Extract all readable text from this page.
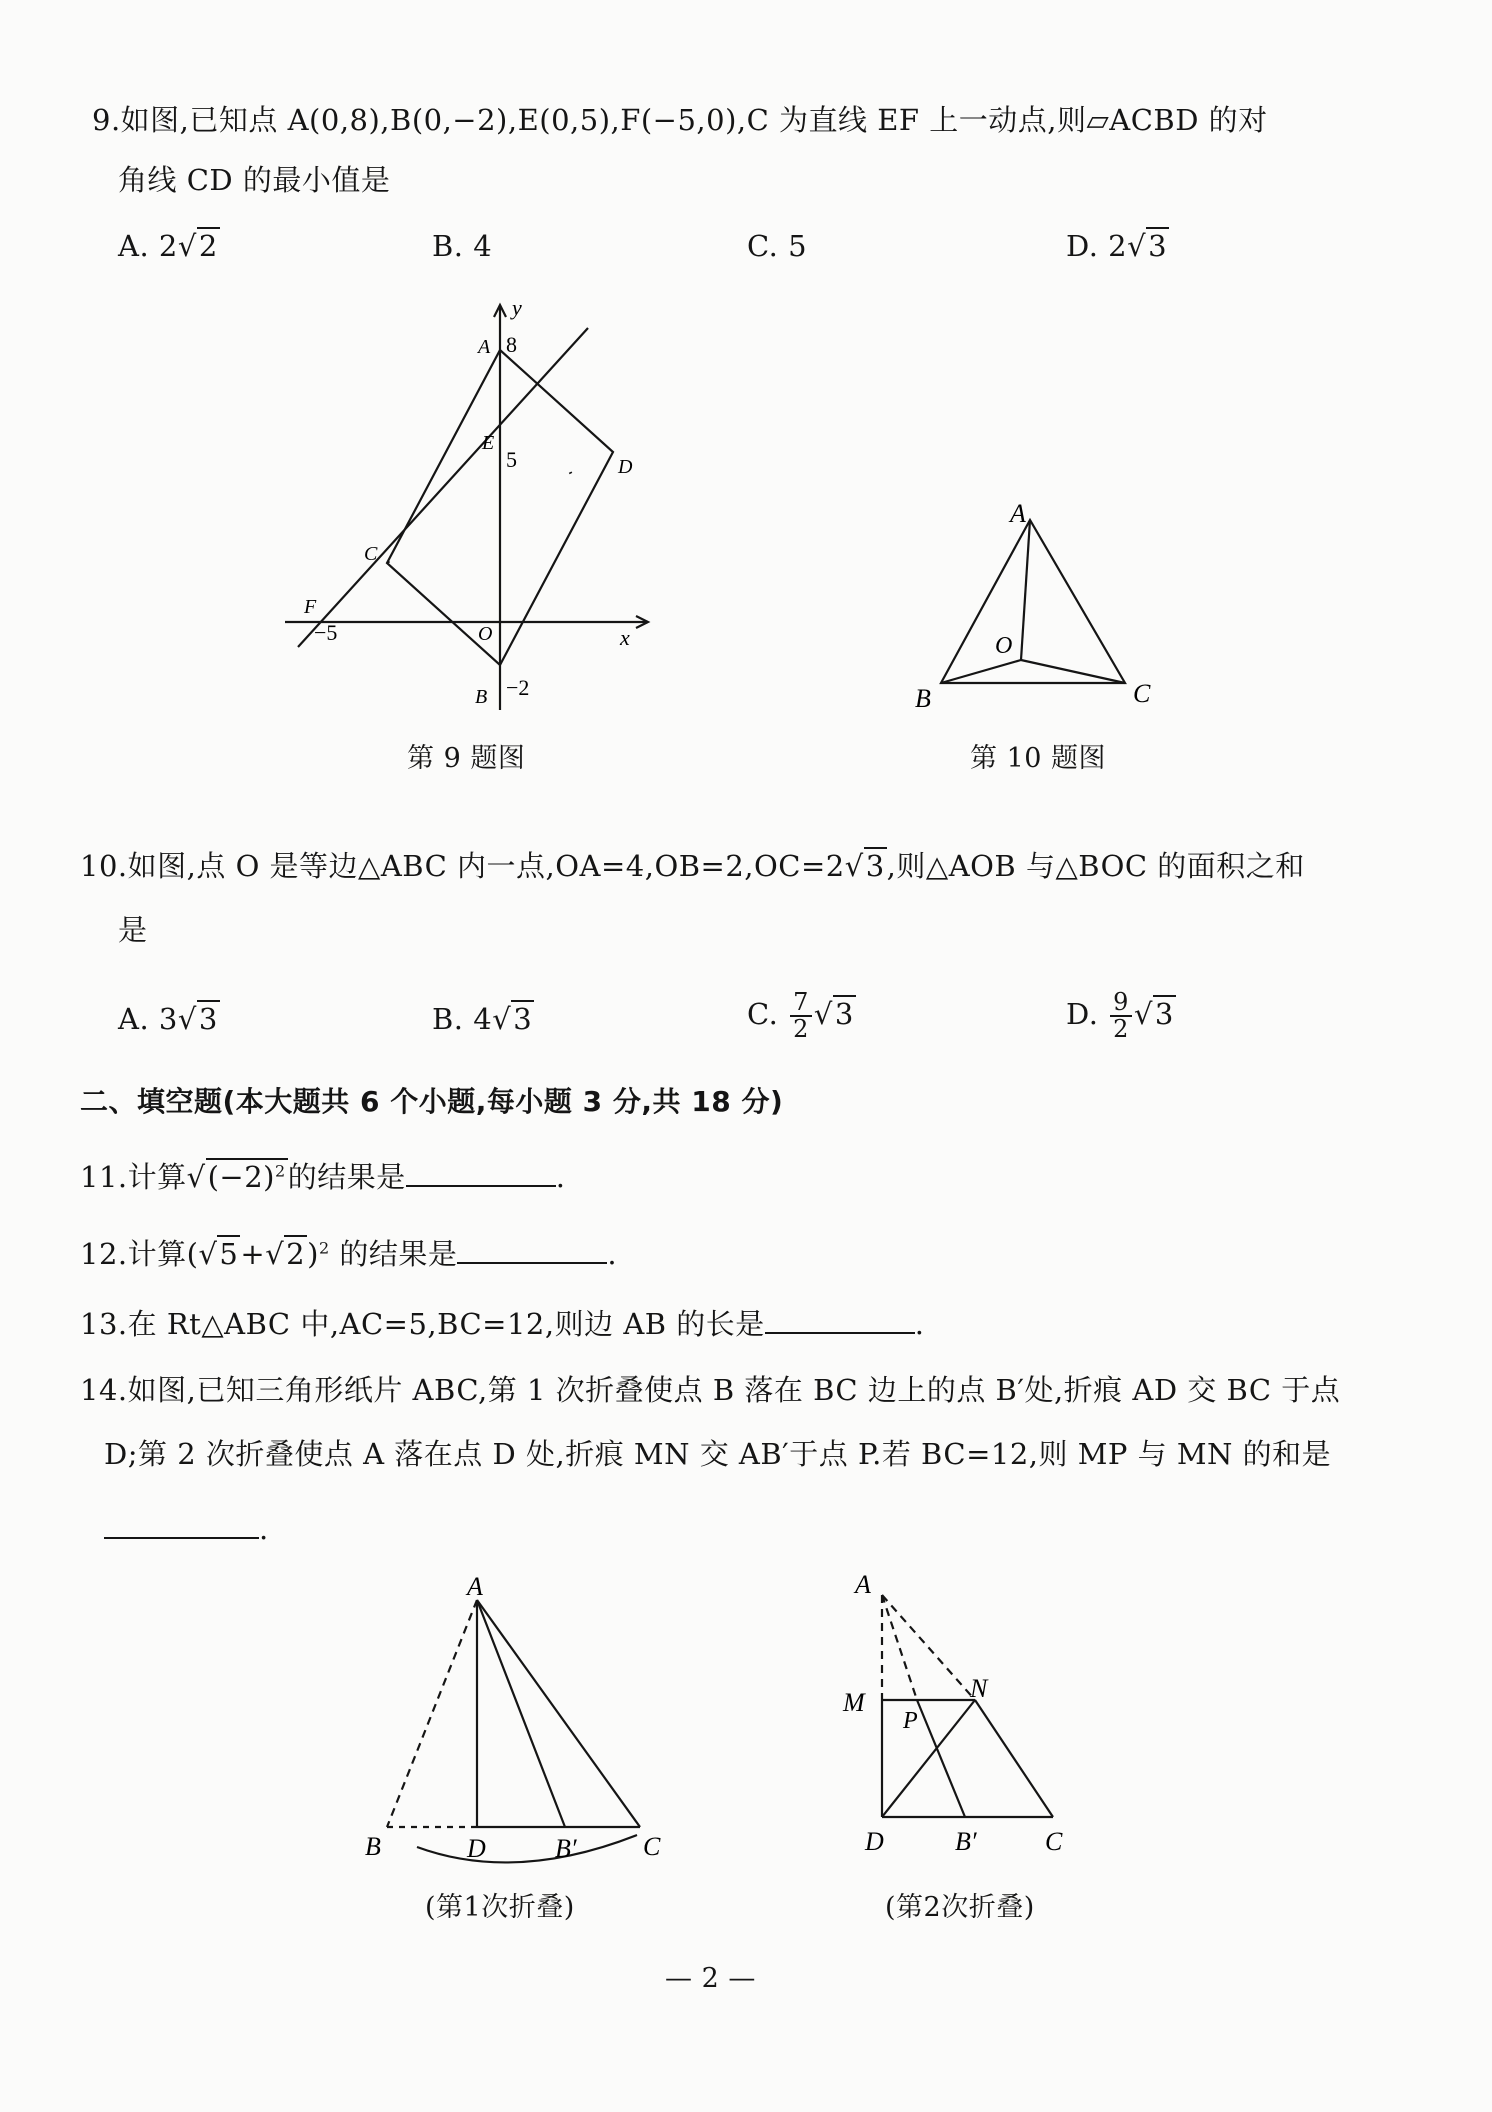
9.如图,已知点 A(0,8),B(0,−2),E(0,5),F(−5,0),C 为直线 EF 上一动点,则▱ACBD 的对
角线 CD 的最小值是
A. 2√2	B. 4	C. 5	D. 2√3
y
A 8
E
5	D
C
F
−5	O	x
B −2
第 9 题图
A
O
B	C
第 10 题图
10.如图,点 O 是等边△ABC 内一点,OA=4,OB=2,OC=2√3,则△AOB 与△BOC 的面积之和
是
A. 3√3	B. 4√3	C. $\frac{7}{2} √3$	D. $\frac{9}{2} √3$
二、填空题(本大题共 6 个小题,每小题 3 分,共 18 分)
11.计算$√(-2)^2$的结果是	.
12.计算$(√5+√2)^2$ 的结果是	.
13.在 Rt△ABC 中,AC=5,BC=12,则边 AB 的长是	.
14.如图,已知三角形纸片 ABC,第 1 次折叠使点 B 落在 BC 边上的点 B′处,折痕 AD 交 BC 于点
D;第 2 次折叠使点 A 落在点 D 处,折痕 MN 交 AB′于点 P.若 BC=12,则 MP 与 MN 的和是
.
A
B	D	B′	C
(第1次折叠)
A
M
P
N
D	B′	C
(第2次折叠)
— 2 —
